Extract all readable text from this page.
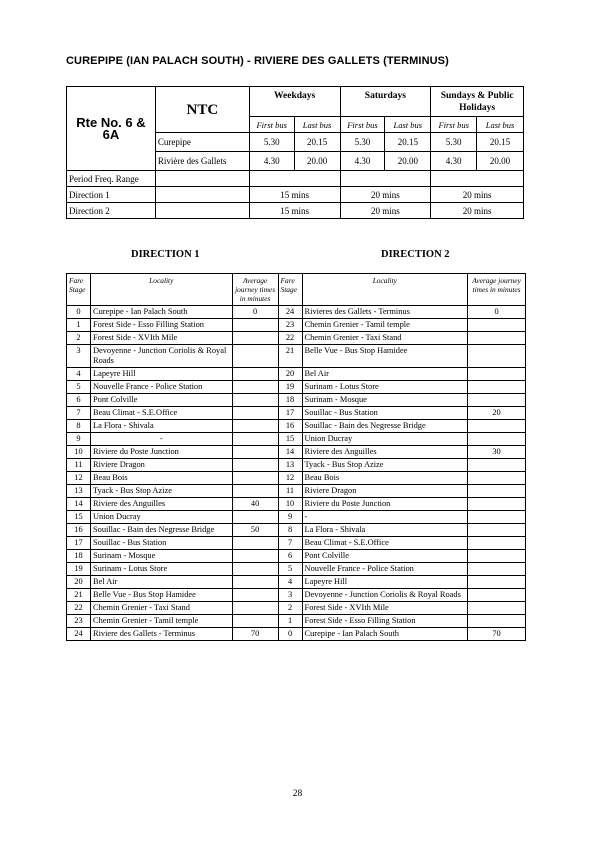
CUREPIPE (IAN PALACH SOUTH) - RIVIERE DES GALLETS (TERMINUS)
Rte No. 6 & 6A	NTC	Weekdays		Saturdays		Sundays & Public Holidays	
		First bus	Last bus	First bus	Last bus	First bus	Last bus
	Curepipe	5.30	20.15	5.30	20.15	5.30	20.15
	Rivière des Gallets	4.30	20.00	4.30	20.00	4.30	20.00
Period Freq. Range							
Direction 1		15 mins		20 mins		20 mins	
Direction 2		15 mins		20 mins		20 mins	
DIRECTION 1	DIRECTION 2
Fare Stage	Locality	Average journey times in minutes	Fare Stage	Locality	Average journey times in minutes
0	Curepipe - Ian Palach South	0	24	Rivieres des Gallets - Terminus	0
1	Forest Side - Esso Filling Station		23	Chemin Grenier - Tamil temple	
2	Forest Side - XVIth Mile		22	Chemin Grenier - Taxi Stand	
3	Devoyenne - Junction Coriolis & Royal Roads		21	Belle Vue - Bus Stop Hamidee	
4	Lapeyre Hill		20	Bel Air	
5	Nouvelle France - Police Station		19	Surinam - Lotus Store	
6	Pont Colville		18	Surinam - Mosque	
7	Beau Climat - S.E.Office		17	Souillac - Bus Station	20
8	La Flora - Shivala		16	Souillac - Bain des Negresse Bridge	
9	-		15	Union Ducray	
10	Riviere du Poste Junction		14	Riviere des Anguilles	30
11	Riviere Dragon		13	Tyack - Bus Stop Azize	
12	Beau Bois		12	Beau Bois	
13	Tyack - Bus Stop Azize		11	Riviere Dragon	
14	Riviere des Anguilles	40	10	Riviere du Poste Junction	
15	Union Ducray		9	-	
16	Souillac - Bain des Negresse Bridge	50	8	La Flora - Shivala	
17	Souillac - Bus Station		7	Beau Climat - S.E.Office	
18	Surinam - Mosque		6	Pont Colville	
19	Surinam - Lotus Store		5	Nouvelle France - Police Station	
20	Bel Air		4	Lapeyre Hill	
21	Belle Vue - Bus Stop Hamidee		3	Devoyenne - Junction Coriolis & Royal Roads	
22	Chemin Grenier - Taxi Stand		2	Forest Side - XVIth Mile	
23	Chemin Grenier - Tamil temple		1	Forest Side - Esso Filling Station	
24	Riviere des Gallets - Terminus	70	0	Curepipe - Ian Palach South	70
28
